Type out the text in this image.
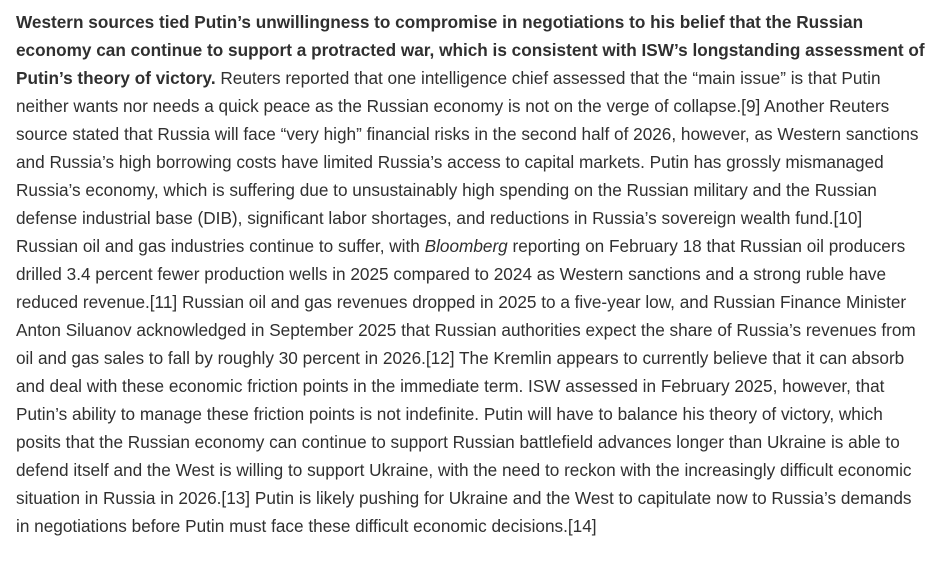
Western sources tied Putin’s unwillingness to compromise in negotiations to his belief that the Russian economy can continue to support a protracted war, which is consistent with ISW’s longstanding assessment of Putin’s theory of victory. Reuters reported that one intelligence chief assessed that the “main issue” is that Putin neither wants nor needs a quick peace as the Russian economy is not on the verge of collapse.[9] Another Reuters source stated that Russia will face “very high” financial risks in the second half of 2026, however, as Western sanctions and Russia’s high borrowing costs have limited Russia’s access to capital markets. Putin has grossly mismanaged Russia’s economy, which is suffering due to unsustainably high spending on the Russian military and the Russian defense industrial base (DIB), significant labor shortages, and reductions in Russia’s sovereign wealth fund.[10] Russian oil and gas industries continue to suffer, with Bloomberg reporting on February 18 that Russian oil producers drilled 3.4 percent fewer production wells in 2025 compared to 2024 as Western sanctions and a strong ruble have reduced revenue.[11] Russian oil and gas revenues dropped in 2025 to a five-year low, and Russian Finance Minister Anton Siluanov acknowledged in September 2025 that Russian authorities expect the share of Russia’s revenues from oil and gas sales to fall by roughly 30 percent in 2026.[12] The Kremlin appears to currently believe that it can absorb and deal with these economic friction points in the immediate term. ISW assessed in February 2025, however, that Putin’s ability to manage these friction points is not indefinite. Putin will have to balance his theory of victory, which posits that the Russian economy can continue to support Russian battlefield advances longer than Ukraine is able to defend itself and the West is willing to support Ukraine, with the need to reckon with the increasingly difficult economic situation in Russia in 2026.[13] Putin is likely pushing for Ukraine and the West to capitulate now to Russia’s demands in negotiations before Putin must face these difficult economic decisions.[14]
